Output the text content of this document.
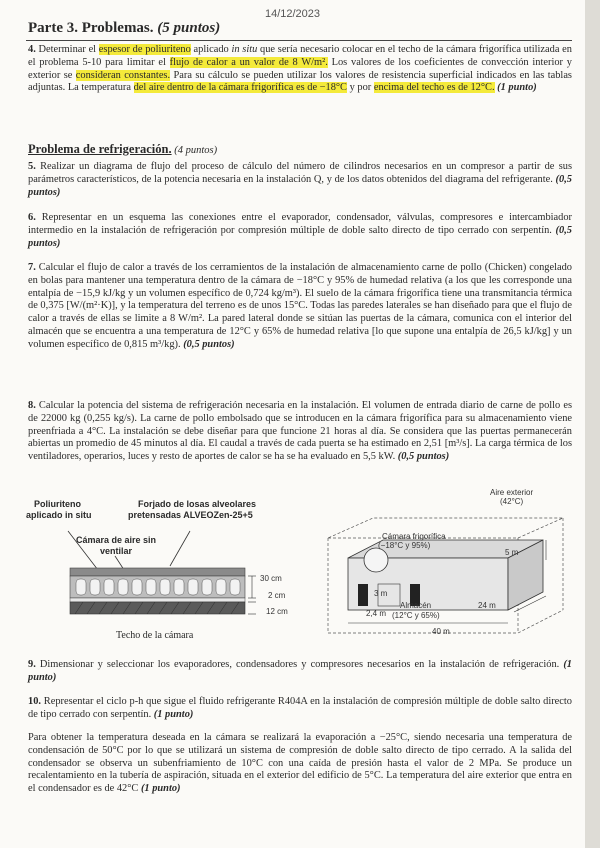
14/12/2023
Parte 3. Problemas. (5 puntos)
4. Determinar el espesor de poliuriteno aplicado in situ que sería necesario colocar en el techo de la cámara frigorífica utilizada en el problema 5-10 para limitar el flujo de calor a un valor de 8 W/m². Los valores de los coeficientes de convección interior y exterior se consideran constantes. Para su cálculo se pueden utilizar los valores de resistencia superficial indicados en las tablas adjuntas. La temperatura del aire dentro de la cámara frigorífica es de −18°C y por encima del techo es de 12°C. (1 punto)
Problema de refrigeración. (4 puntos)
5. Realizar un diagrama de flujo del proceso de cálculo del número de cilindros necesarios en un compresor a partir de sus parámetros característicos, de la potencia necesaria en la instalación Q, y de los datos obtenidos del diagrama del refrigerante. (0,5 puntos)
6. Representar en un esquema las conexiones entre el evaporador, condensador, válvulas, compresores e intercambiador intermedio en la instalación de refrigeración por compresión múltiple de doble salto directo de tipo cerrado con serpentín. (0,5 puntos)
7. Calcular el flujo de calor a través de los cerramientos de la instalación de almacenamiento carne de pollo (Chicken) congelado en bolas para mantener una temperatura dentro de la cámara de −18°C y 95% de humedad relativa (a los que les corresponde una entalpía de −15,9 kJ/kg y un volumen específico de 0,724 kg/m³). El suelo de la cámara frigorífica tiene una transmitancia térmica de 0,375 [W/(m²·K)], y la temperatura del terreno es de unos 15°C. Todas las paredes laterales se han diseñado para que el flujo de calor a través de ellas se limite a 8 W/m². La pared lateral donde se sitúan las puertas de la cámara, comunica con el interior del almacén que se encuentra a una temperatura de 12°C y 65% de humedad relativa [lo que supone una entalpía de 26,5 kJ/kg] y un volumen específico de 0,815 m³/kg). (0,5 puntos)
8. Calcular la potencia del sistema de refrigeración necesaria en la instalación. El volumen de entrada diario de carne de pollo es de 22000 kg (0,255 kg/s). La carne de pollo embolsado que se introducen en la cámara frigorífica para su almacenamiento viene preenfriada a 4°C. La instalación se debe diseñar para que funcione 21 horas al día. Se considera que las puertas permanecerán abiertas un promedio de 45 minutos al día. El caudal a través de cada puerta se ha estimado en 2,51 [m³/s]. La carga térmica de los ventiladores, operarios, luces y resto de aportes de calor se ha se ha evaluado en 5,5 kW. (0,5 puntos)
Poliuriteno
aplicado in situ
Forjado de losas alveolares
pretensadas ALVEOZen-25+5
Cámara de aire sin
ventilar
30 cm
2 cm
12 cm
Techo de la cámara
Aire exterior
(42°C)
Cámara frigorífica
(−18°C y 95%)
5 m
3 m
2,4 m
Almacén
(12°C y 65%)
24 m
40 m
9. Dimensionar y seleccionar los evaporadores, condensadores y compresores necesarios en la instalación de refrigeración. (1 punto)
10. Representar el ciclo p-h que sigue el fluido refrigerante R404A en la instalación de compresión múltiple de doble salto directo de tipo cerrado con serpentín. (1 punto)
Para obtener la temperatura deseada en la cámara se realizará la evaporación a −25°C, siendo necesaria una temperatura de condensación de 50°C por lo que se utilizará un sistema de compresión de doble salto directo de tipo cerrado. A la salida del condensador se observa un subenfriamiento de 10°C con una caída de presión hasta el valor de 2 MPa. Se produce un recalentamiento en la tubería de aspiración, situada en el exterior del edificio de 5°C. La temperatura del aire exterior que entra en el condensador es de 42°C (1 punto)
